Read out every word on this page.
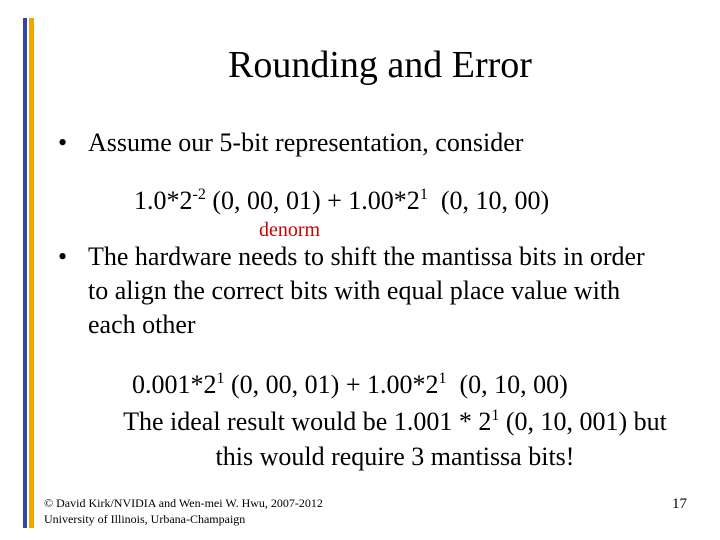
Rounding and Error
• Assume our 5-bit representation, consider
$1.0*2^{-2}$ (0, 00, $01) + 1.00*2^1$  (0, 10, 00)
denorm
• The hardware needs to shift the mantissa bits in order
to align the correct bits with equal place value with
each other
$0.001*2^1$ (0, 00, $01) + 1.00*2^1$  (0, 10, 00)
The ideal result would be $1.001 * 2^1$ (0, 10, 001) but
this would require 3 mantissa bits!
© David Kirk/NVIDIA and Wen-mei W. Hwu, 2007-2012
University of Illinois, Urbana-Champaign
17
